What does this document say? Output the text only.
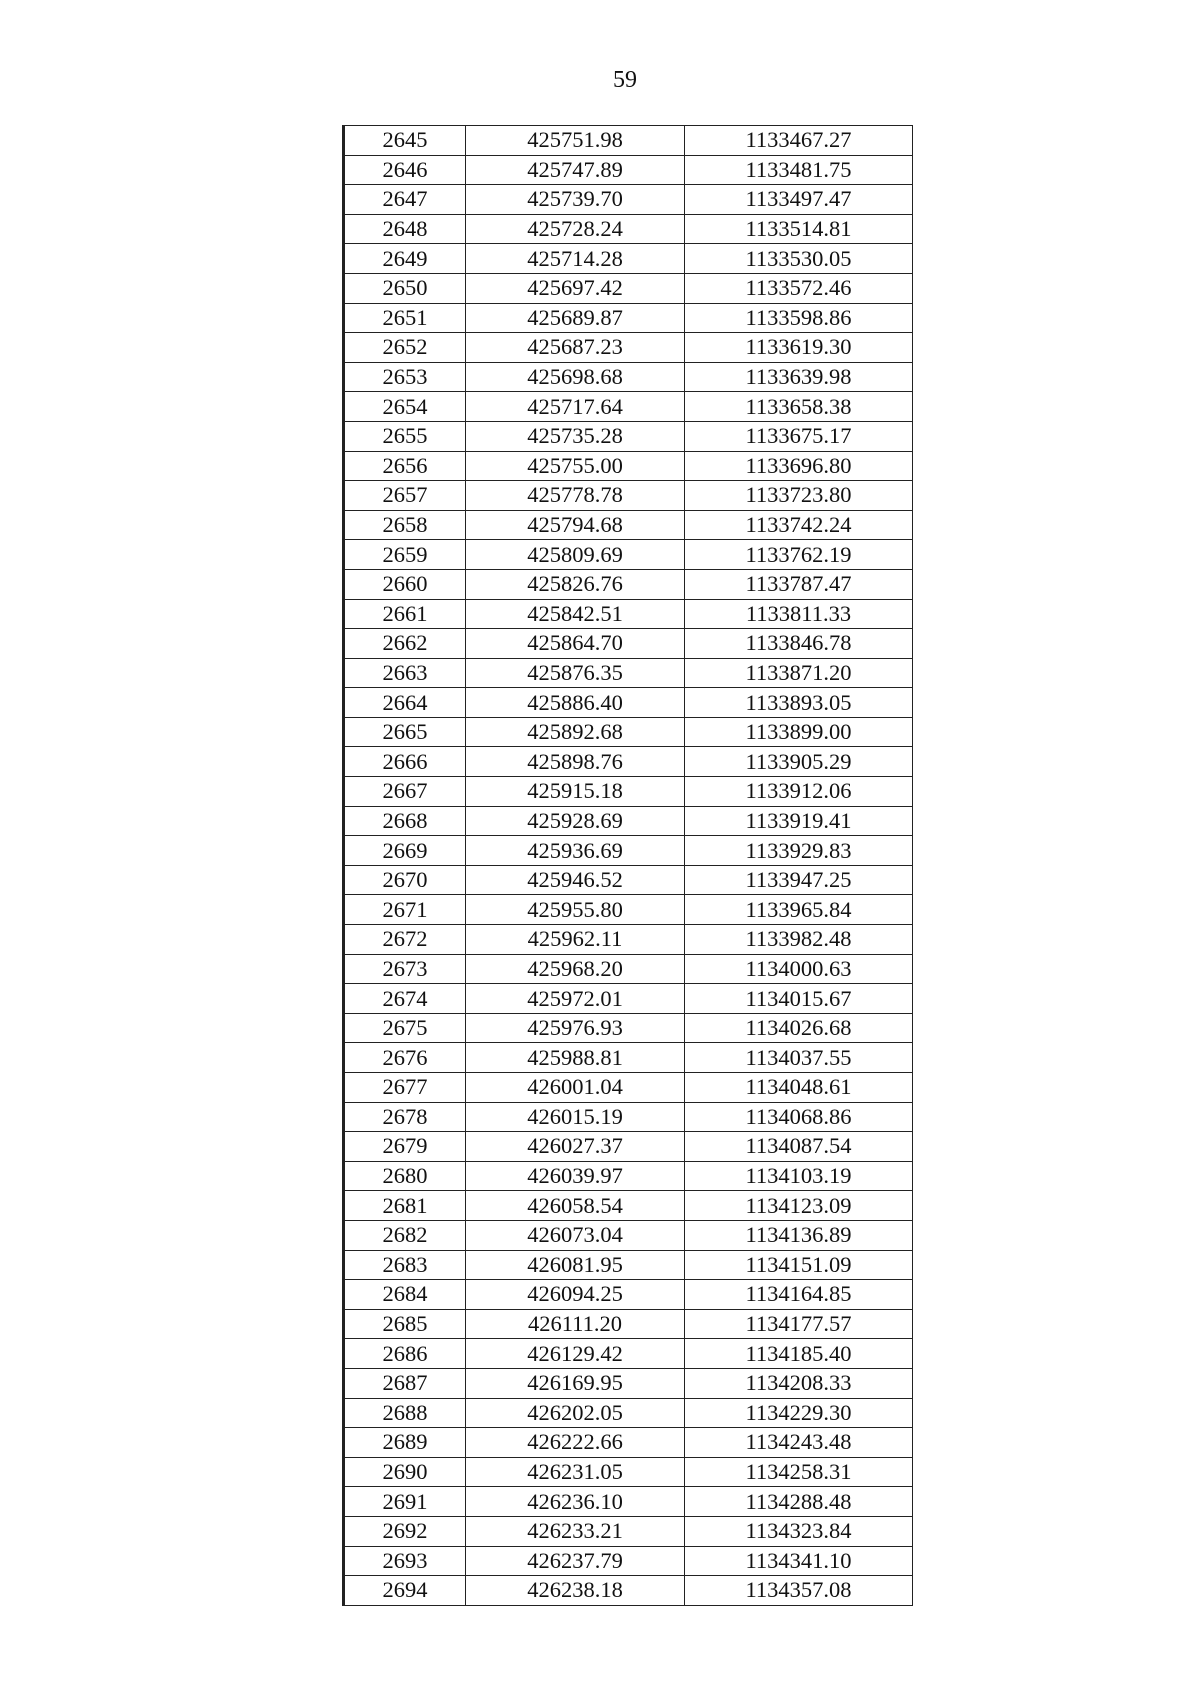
59
2645	425751.98	1133467.27
2646	425747.89	1133481.75
2647	425739.70	1133497.47
2648	425728.24	1133514.81
2649	425714.28	1133530.05
2650	425697.42	1133572.46
2651	425689.87	1133598.86
2652	425687.23	1133619.30
2653	425698.68	1133639.98
2654	425717.64	1133658.38
2655	425735.28	1133675.17
2656	425755.00	1133696.80
2657	425778.78	1133723.80
2658	425794.68	1133742.24
2659	425809.69	1133762.19
2660	425826.76	1133787.47
2661	425842.51	1133811.33
2662	425864.70	1133846.78
2663	425876.35	1133871.20
2664	425886.40	1133893.05
2665	425892.68	1133899.00
2666	425898.76	1133905.29
2667	425915.18	1133912.06
2668	425928.69	1133919.41
2669	425936.69	1133929.83
2670	425946.52	1133947.25
2671	425955.80	1133965.84
2672	425962.11	1133982.48
2673	425968.20	1134000.63
2674	425972.01	1134015.67
2675	425976.93	1134026.68
2676	425988.81	1134037.55
2677	426001.04	1134048.61
2678	426015.19	1134068.86
2679	426027.37	1134087.54
2680	426039.97	1134103.19
2681	426058.54	1134123.09
2682	426073.04	1134136.89
2683	426081.95	1134151.09
2684	426094.25	1134164.85
2685	426111.20	1134177.57
2686	426129.42	1134185.40
2687	426169.95	1134208.33
2688	426202.05	1134229.30
2689	426222.66	1134243.48
2690	426231.05	1134258.31
2691	426236.10	1134288.48
2692	426233.21	1134323.84
2693	426237.79	1134341.10
2694	426238.18	1134357.08
